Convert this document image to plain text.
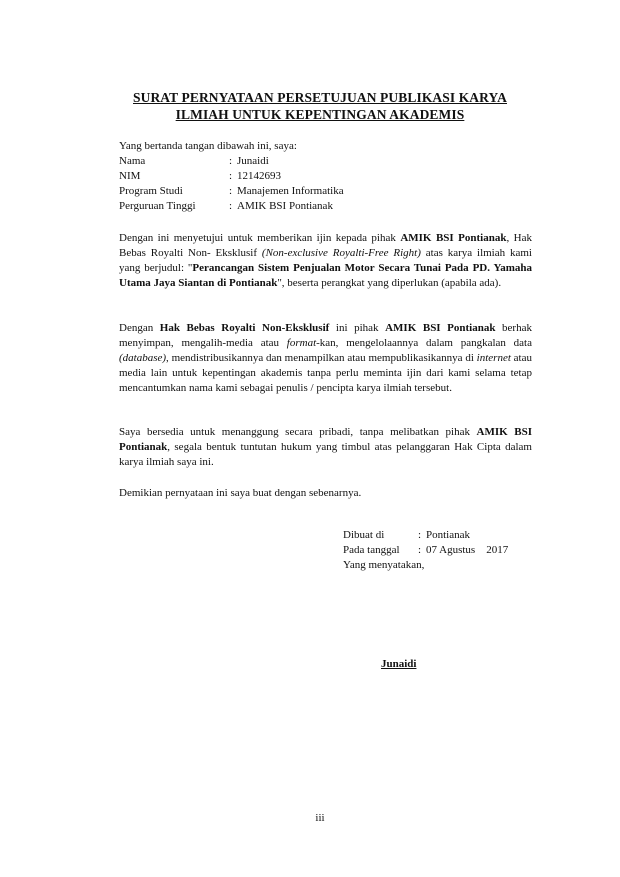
SURAT PERNYATAAN PERSETUJUAN PUBLIKASI KARYA
ILMIAH UNTUK KEPENTINGAN AKADEMIS
Yang bertanda tangan dibawah ini, saya:
Nama	: Junaidi
NIM	: 12142693
Program Studi	: Manajemen Informatika
Perguruan Tinggi	: AMIK BSI Pontianak
Dengan ini menyetujui untuk memberikan ijin kepada pihak AMIK BSI Pontianak, Hak Bebas Royalti Non- Eksklusif (Non-exclusive Royalti-Free Right) atas karya ilmiah kami yang berjudul: "Perancangan Sistem Penjualan Motor Secara Tunai Pada PD. Yamaha Utama Jaya Siantan di Pontianak", beserta perangkat yang diperlukan (apabila ada).
Dengan Hak Bebas Royalti Non-Eksklusif ini pihak AMIK BSI Pontianak berhak menyimpan, mengalih-media atau format-kan, mengelolaannya dalam pangkalan data (database), mendistribusikannya dan menampilkan atau mempublikasikannya di internet atau media lain untuk kepentingan akademis tanpa perlu meminta ijin dari kami selama tetap mencantumkan nama kami sebagai penulis / pencipta karya ilmiah tersebut.
Saya bersedia untuk menanggung secara pribadi, tanpa melibatkan pihak AMIK BSI Pontianak, segala bentuk tuntutan hukum yang timbul atas pelanggaran Hak Cipta dalam karya ilmiah saya ini.
Demikian pernyataan ini saya buat dengan sebenarnya.
Dibuat di	: Pontianak
Pada tanggal	: 07 Agustus    2017
Yang menyatakan,
Junaidi
iii
